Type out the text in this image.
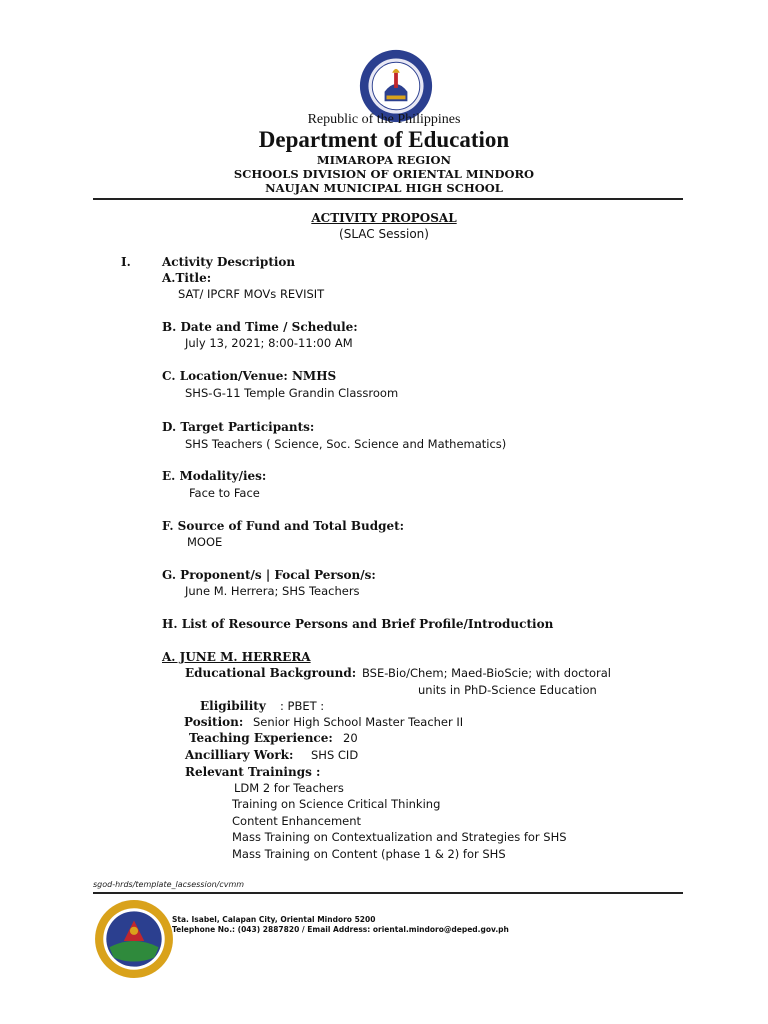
Republic of the Philippines
Department of Education
MIMAROPA REGION
SCHOOLS DIVISION OF ORIENTAL MINDORO
NAUJAN MUNICIPAL HIGH SCHOOL
ACTIVITY PROPOSAL
(SLAC Session)
I.	Activity Description
A.Title:
SAT/ IPCRF MOVs REVISIT
B. Date and Time / Schedule:
July 13, 2021; 8:00-11:00 AM
C. Location/Venue: NMHS
SHS-G-11 Temple Grandin Classroom
D. Target Participants:
SHS Teachers ( Science, Soc. Science and Mathematics)
E. Modality/ies:
Face to Face
F. Source of Fund and Total Budget:
MOOE
G. Proponent/s | Focal Person/s:
June M. Herrera; SHS Teachers
H. List of Resource Persons and Brief Profile/Introduction
A. JUNE M. HERRERA
Educational Background: BSE-Bio/Chem; Maed-BioScie; with doctoral
units in PhD-Science Education
Eligibility : PBET :
Position: Senior High School Master Teacher II
Teaching Experience: 20
Ancilliary Work: SHS CID
Relevant Trainings :
LDM 2 for Teachers
Training on Science Critical Thinking
Content Enhancement
Mass Training on Contextualization and Strategies for SHS
Mass Training on Content (phase 1 & 2) for SHS
sgod-hrds/template_lacsession/cvmm
Sta. Isabel, Calapan City, Oriental Mindoro 5200
Telephone No.: (043) 2887820 / Email Address: oriental.mindoro@deped.gov.ph
